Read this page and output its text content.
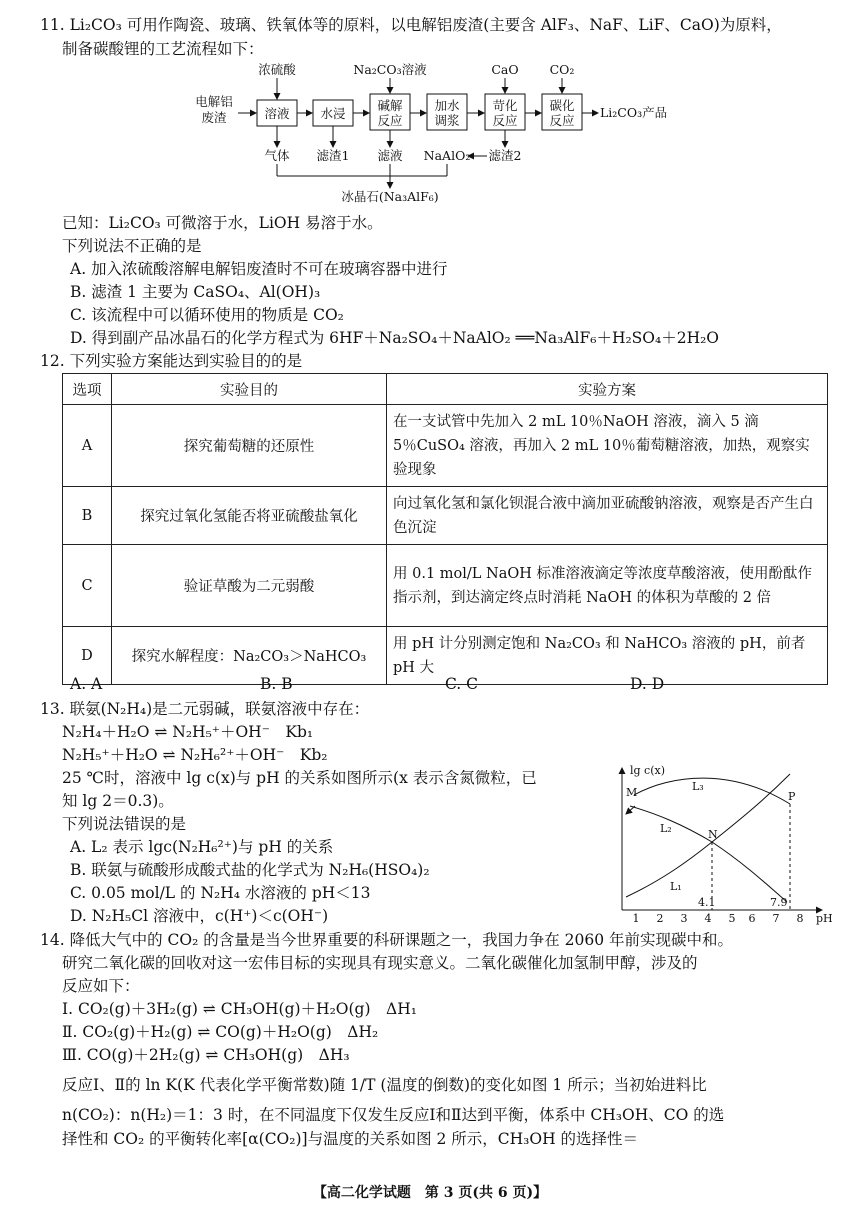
11. Li₂CO₃ 可用作陶瓷、玻璃、铁氧体等的原料，以电解铝废渣(主要含 AlF₃、NaF、LiF、CaO)为原料，
制备碳酸锂的工艺流程如下：
电解铝
废渣
浓硫酸	Na₂CO₃溶液	CaO CO₂
溶液 水浸
碱解
反应
加水
调浆
苛化
反应
碳化
反应
Li₂CO₃产品
气体 滤渣1 滤液 NaAlO₂ 滤渣2
冰晶石(Na₃AlF₆)
已知：Li₂CO₃ 可微溶于水，LiOH 易溶于水。
下列说法不正确的是
A. 加入浓硫酸溶解电解铝废渣时不可在玻璃容器中进行
B. 滤渣 1 主要为 CaSO₄、Al(OH)₃
C. 该流程中可以循环使用的物质是 CO₂
D. 得到副产品冰晶石的化学方程式为 6HF＋Na₂SO₄＋NaAlO₂ ══Na₃AlF₆＋H₂SO₄＋2H₂O
12. 下列实验方案能达到实验目的的是
选项	实验目的	实验方案
A	探究葡萄糖的还原性	在一支试管中先加入 2 mL 10％NaOH 溶液，滴入 5 滴 5％CuSO₄ 溶液，再加入 2 mL 10％葡萄糖溶液，加热，观察实验现象
B	探究过氧化氢能否将亚硫酸盐氧化	向过氧化氢和氯化钡混合液中滴加亚硫酸钠溶液，观察是否产生白色沉淀
C	验证草酸为二元弱酸	用 0.1 mol/L NaOH 标准溶液滴定等浓度草酸溶液，使用酚酞作指示剂，到达滴定终点时消耗 NaOH 的体积为草酸的 2 倍
D	探究水解程度：Na₂CO₃＞NaHCO₃	用 pH 计分别测定饱和 Na₂CO₃ 和 NaHCO₃ 溶液的 pH，前者 pH 大
A. A	B. B	C. C	D. D
13. 联氨(N₂H₄)是二元弱碱，联氨溶液中存在：
N₂H₄＋H₂O ⇌ N₂H₅⁺＋OH⁻　Kb₁
N₂H₅⁺＋H₂O ⇌ N₂H₆²⁺＋OH⁻　Kb₂
25 ℃时，溶液中 lg c(x)与 pH 的关系如图所示(x 表示含氮微粒，已
知 lg 2＝0.3)。
下列说法错误的是
A. L₂ 表示 lgc(N₂H₆²⁺)与 pH 的关系
B. 联氨与硫酸形成酸式盐的化学式为 N₂H₆(HSO₄)₂
C. 0.05 mol/L 的 N₂H₄ 水溶液的 pH＜13
D. N₂H₅Cl 溶液中，c(H⁺)＜c(OH⁻)
lg c(x)
pH
M
N
P
L₁
L₂
L₃
4.1	7.9
1 2 3 4 5 6 7 8
14. 降低大气中的 CO₂ 的含量是当今世界重要的科研课题之一，我国力争在 2060 年前实现碳中和。
研究二氧化碳的回收对这一宏伟目标的实现具有现实意义。二氧化碳催化加氢制甲醇，涉及的
反应如下：
Ⅰ. CO₂(g)＋3H₂(g) ⇌ CH₃OH(g)＋H₂O(g)　ΔH₁
Ⅱ. CO₂(g)＋H₂(g) ⇌ CO(g)＋H₂O(g)　ΔH₂
Ⅲ. CO(g)＋2H₂(g) ⇌ CH₃OH(g)　ΔH₃
反应Ⅰ、Ⅱ的 ln K(K 代表化学平衡常数)随 1/T (温度的倒数)的变化如图 1 所示；当初始进料比
n(CO₂)：n(H₂)＝1：3 时，在不同温度下仅发生反应Ⅰ和Ⅱ达到平衡，体系中 CH₃OH、CO 的选
择性和 CO₂ 的平衡转化率[α(CO₂)]与温度的关系如图 2 所示，CH₃OH 的选择性＝
【高二化学试题　第 3 页(共 6 页)】
